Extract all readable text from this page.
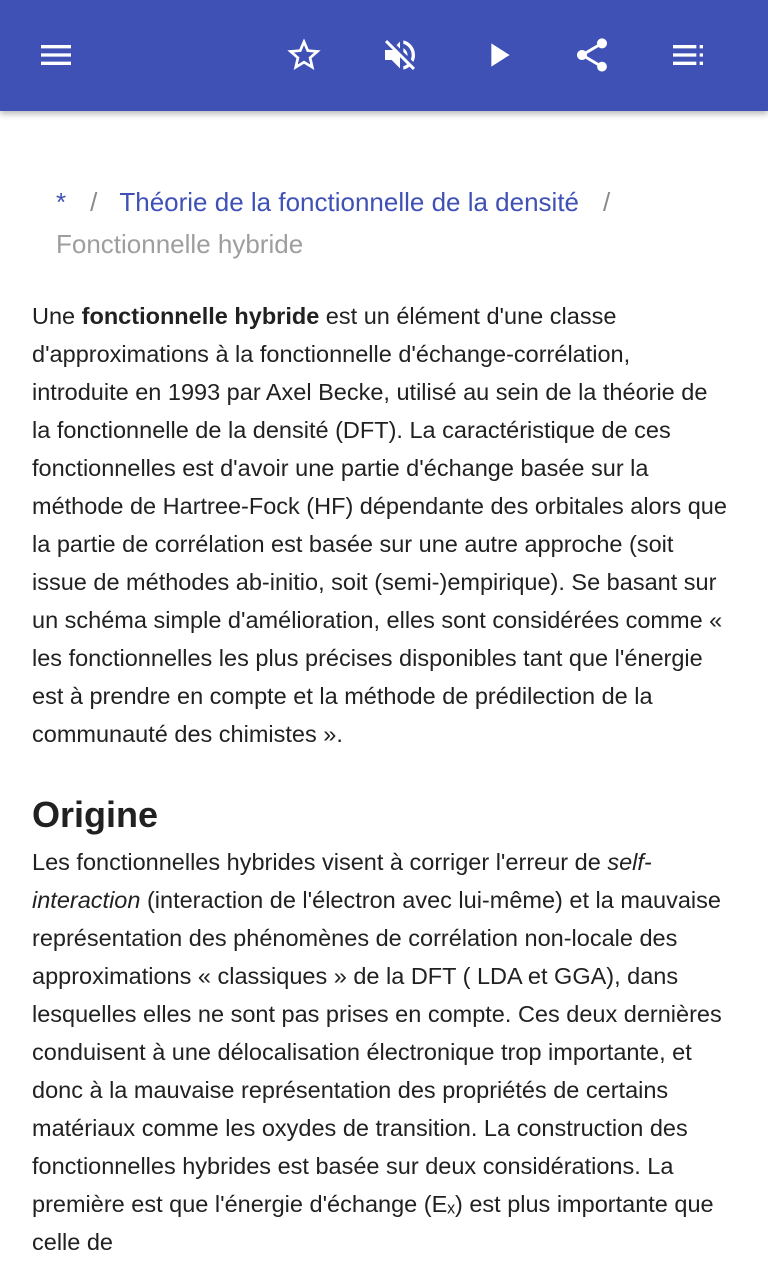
* / Théorie de la fonctionnelle de la densité /
Fonctionnelle hybride

Une fonctionnelle hybride est un élément d'une classe d'approximations à la fonctionnelle d'échange-corrélation, introduite en 1993 par Axel Becke, utilisé au sein de la théorie de la fonctionnelle de la densité (DFT). La caractéristique de ces fonctionnelles est d'avoir une partie d'échange basée sur la méthode de Hartree-Fock (HF) dépendante des orbitales alors que la partie de corrélation est basée sur une autre approche (soit issue de méthodes ab-initio, soit (semi-)empirique). Se basant sur un schéma simple d'amélioration, elles sont considérées comme « les fonctionnelles les plus précises disponibles tant que l'énergie est à prendre en compte et la méthode de prédilection de la communauté des chimistes ».

Origine

Les fonctionnelles hybrides visent à corriger l'erreur de self-interaction (interaction de l'électron avec lui-même) et la mauvaise représentation des phénomènes de corrélation non-locale des approximations « classiques » de la DFT ( LDA et GGA), dans lesquelles elles ne sont pas prises en compte. Ces deux dernières conduisent à une délocalisation électronique trop importante, et donc à la mauvaise représentation des propriétés de certains matériaux comme les oxydes de transition. La construction des fonctionnelles hybrides est basée sur deux considérations. La première est que l'énergie d'échange (Eₓ) est plus importante que celle de
